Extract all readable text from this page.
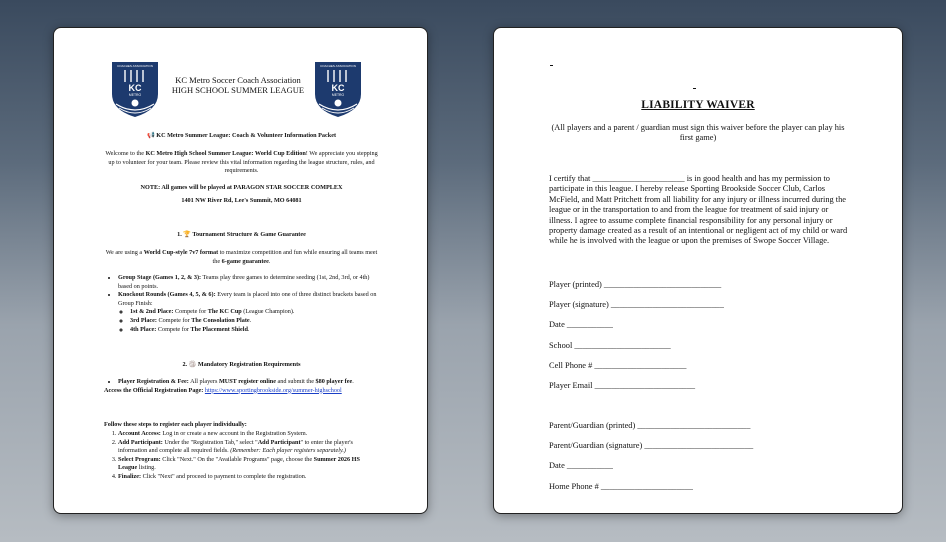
COACHES ASSOCIATION
KC
METRO
KC Metro Soccer Coach Association
HIGH SCHOOL SUMMER LEAGUE
COACHES ASSOCIATION
KC
METRO
📢 KC Metro Summer League: Coach & Volunteer Information Packet
Welcome to the KC Metro High School Summer League: World Cup Edition! We appreciate you stepping up to volunteer for your team. Please review this vital information regarding the league structure, rules, and requirements.
NOTE: All games will be played at PARAGON STAR SOCCER COMPLEX
1401 NW River Rd, Lee's Summit, MO 64081
1. 🏆 Tournament Structure & Game Guarantee
We are using a World Cup-style 7v7 format to maximize competition and fun while ensuring all teams meet the 6-game guarantee.
• Group Stage (Games 1, 2, & 3): Teams play three games to determine seeding (1st, 2nd, 3rd, or 4th) based on points.
• Knockout Rounds (Games 4, 5, & 6): Every team is placed into one of three distinct brackets based on Group Finish:
◦ 1st & 2nd Place: Compete for The KC Cup (League Champion).
◦ 3rd Place: Compete for The Consolation Plate.
◦ 4th Place: Compete for The Placement Shield.
2. 🏐 Mandatory Registration Requirements
• Player Registration & Fee: All players MUST register online and submit the $80 player fee.
Access the Official Registration Page: https://www.sportingbrookside.org/summer-highschool
Follow these steps to register each player individually:
1. Account Access: Log in or create a new account in the Registration System.
2. Add Participant: Under the "Registration Tab," select "Add Participant" to enter the player's information and complete all required fields. (Remember: Each player registers separately.)
3. Select Program: Click "Next." On the "Available Programs" page, choose the Summer 2026 HS League listing.
4. Finalize: Click "Next" and proceed to payment to complete the registration.
LIABILITY WAIVER
(All players and a parent / guardian must sign this waiver before the player can play his first game)
I certify that ______________________ is in good health and has my permission to participate in this league. I hereby release Sporting Brookside Soccer Club, Carlos McField, and Matt Pritchett from all liability for any injury or illness incurred during the league or in the transportation to and from the league for treatment of said injury or illness. I agree to assume complete financial responsibility for any personal injury or property damage created as a result of an intentional or negligent act of my child or ward while he is involved with the league or upon the premises of Swope Soccer Village.
Player (printed) ____________________________
Player (signature) ___________________________
Date ___________
School _______________________
Cell Phone # ______________________
Player Email ________________________
Parent/Guardian (printed) ___________________________
Parent/Guardian (signature) __________________________
Date ___________
Home Phone # ______________________
